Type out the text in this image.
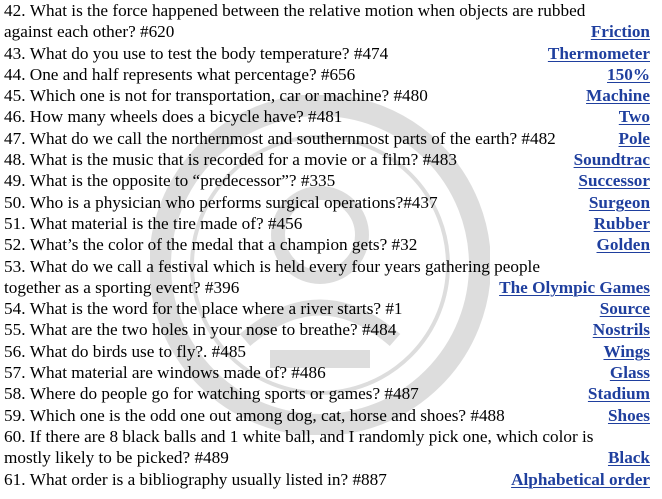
42.
What is the force happened between the relative motion when objects are rubbed
against each other? #620	Friction
43. What do you use to test the body temperature? #474	Thermometer
44. One and half represents what percentage? #656	150%
45. Which one is not for transportation, car or machine? #480	Machine
46. How many wheels does a bicycle have? #481	Two
47. What do we call the northernmost and southernmost parts of the earth? #482	Pole
48. What is the music that is recorded for a movie or a film? #483	Soundtrac
49. What is the opposite to “predecessor”? #335	Successor
50. Who is a physician who performs surgical operations?#437	Surgeon
51. What material is the tire made of? #456	Rubber
52. What’s the color of the medal that a champion gets? #32	Golden
53.
What do we call a festival which is held every four years gathering people
together as a sporting event? #396	The Olympic Games
54. What is the word for the place where a river starts? #1	Source
55. What are the two holes in your nose to breathe? #484	Nostrils
56. What do birds use to fly?. #485	Wings
57. What material are windows made of? #486	Glass
58. Where do people go for watching sports or games? #487	Stadium
59. Which one is the odd one out among dog, cat, horse and shoes? #488	Shoes
60.
If there are 8 black balls and 1 white ball, and I randomly pick one, which color is
mostly likely to be picked? #489	Black
61. What order is a bibliography usually listed in? #887	Alphabetical order
